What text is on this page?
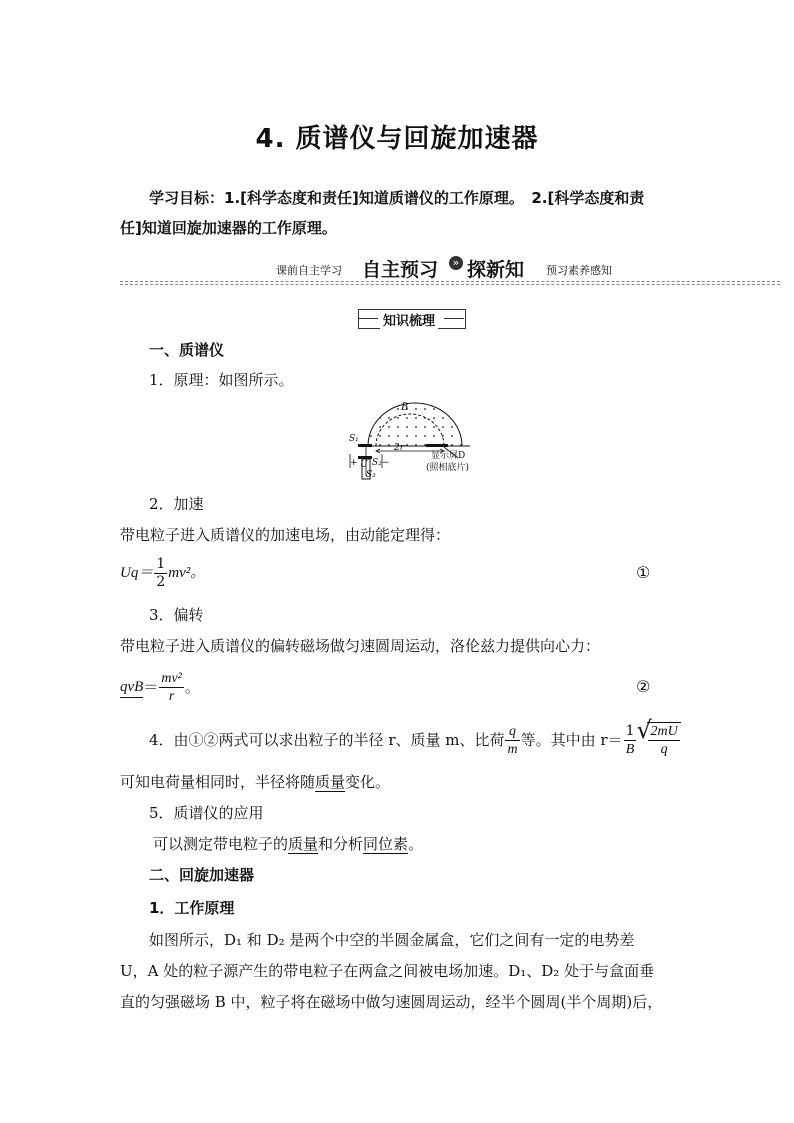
4. 质谱仪与回旋加速器
学习目标：1.[科学态度和责任]知道质谱仪的工作原理。　2.[科学态度和责
任]知道回旋加速器的工作原理。
课前自主学习 自主预习	» 探新知 预习素养感知
知识梳理
一、质谱仪
1．原理：如图所示。
B
S₁
S₂
S₃
2r
显示屏D
(照相底片)
U
+	−
2．加速
带电粒子进入质谱仪的加速电场，由动能定理得：
$Uq= \frac{1}{2} mv^2$。	①
3．偏转
带电粒子进入质谱仪的偏转磁场做匀速圆周运动，洛伦兹力提供向心力：
qvB ＝ $\frac{\text{mv²}}{r}$ 。	②
4．由①②两式可以求出粒子的半径 r、质量 m、比荷 $\frac{q}{m}$ 等。其中由 $r= \frac{1}{B}$
√ $\frac{2mU}{q}$
可知电荷量相同时，半径将随质量变化。
5．质谱仪的应用
可以测定带电粒子的质量和分析同位素。
二、回旋加速器
1．工作原理
如图所示，D₁ 和 D₂ 是两个中空的半圆金属盒，它们之间有一定的电势差
U，A 处的粒子源产生的带电粒子在两盒之间被电场加速。D₁、D₂ 处于与盒面垂
直的匀强磁场 B 中，粒子将在磁场中做匀速圆周运动，经半个圆周(半个周期)后，
